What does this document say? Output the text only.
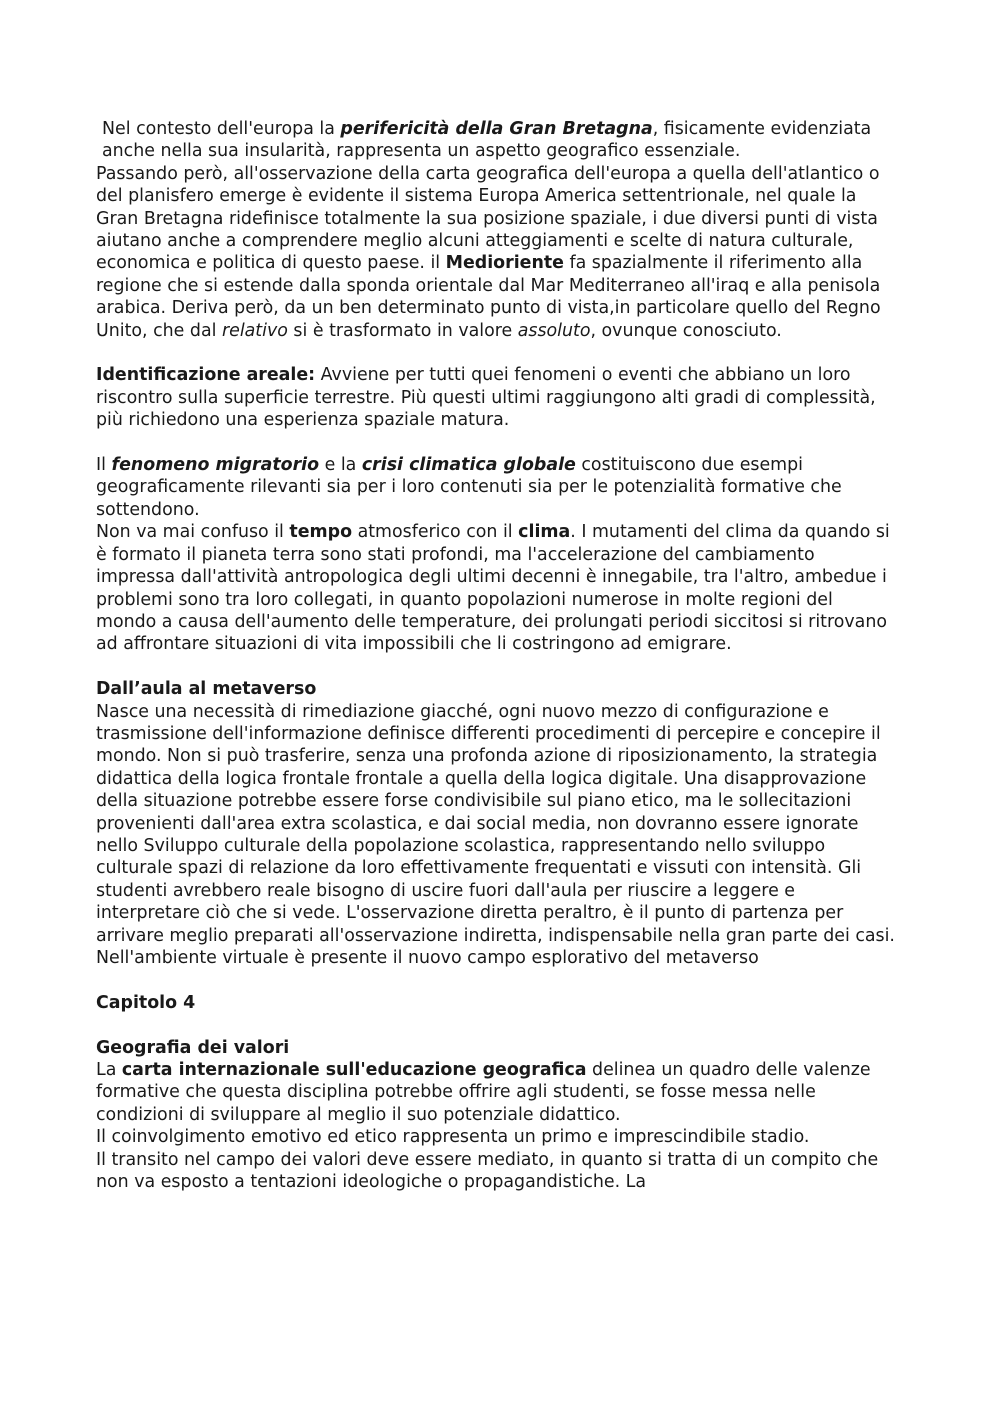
Nel contesto dell'europa la perifericità della Gran Bretagna, fisicamente evidenziata anche nella sua insularità, rappresenta un aspetto geografico essenziale.

Passando però, all'osservazione della carta geografica dell'europa a quella dell'atlantico o del planisfero emerge è evidente il sistema Europa America settentrionale, nel quale la Gran Bretagna ridefinisce totalmente la sua posizione spaziale, i due diversi punti di vista aiutano anche a comprendere meglio alcuni atteggiamenti e scelte di natura culturale, economica e politica di questo paese. il Medioriente fa spazialmente il riferimento alla regione che si estende dalla sponda orientale dal Mar Mediterraneo all'iraq e alla penisola arabica. Deriva però, da un ben determinato punto di vista,in particolare quello del Regno Unito, che dal relativo si è trasformato in valore assoluto, ovunque conosciuto.

Identificazione areale: Avviene per tutti quei fenomeni o eventi che abbiano un loro riscontro sulla superficie terrestre. Più questi ultimi raggiungono alti gradi di complessità, più richiedono una esperienza spaziale matura.

Il fenomeno migratorio e la crisi climatica globale costituiscono due esempi geograficamente rilevanti sia per i loro contenuti sia per le potenzialità formative che sottendono.

Non va mai confuso il tempo atmosferico con il clima. I mutamenti del clima da quando si è formato il pianeta terra sono stati profondi, ma l'accelerazione del cambiamento impressa dall'attività antropologica degli ultimi decenni è innegabile, tra l'altro, ambedue i problemi sono tra loro collegati, in quanto popolazioni numerose in molte regioni del mondo a causa dell'aumento delle temperature, dei prolungati periodi siccitosi si ritrovano ad affrontare situazioni di vita impossibili che li costringono ad emigrare.

Dall’aula al metaverso

Nasce una necessità di rimediazione giacché, ogni nuovo mezzo di configurazione e trasmissione dell'informazione definisce differenti procedimenti di percepire e concepire il mondo. Non si può trasferire, senza una profonda azione di riposizionamento, la strategia didattica della logica frontale frontale a quella della logica digitale. Una disapprovazione della situazione potrebbe essere forse condivisibile sul piano etico, ma le sollecitazioni provenienti dall'area extra scolastica, e dai social media, non dovranno essere ignorate nello Sviluppo culturale della popolazione scolastica, rappresentando nello sviluppo culturale spazi di relazione da loro effettivamente frequentati e vissuti con intensità. Gli studenti avrebbero reale bisogno di uscire fuori dall'aula per riuscire a leggere e interpretare ciò che si vede. L'osservazione diretta peraltro, è il punto di partenza per arrivare meglio preparati all'osservazione indiretta, indispensabile nella gran parte dei casi. Nell'ambiente virtuale è presente il nuovo campo esplorativo del metaverso

Capitolo 4

Geografia dei valori

La carta internazionale sull'educazione geografica delinea un quadro delle valenze formative che questa disciplina potrebbe offrire agli studenti, se fosse messa nelle condizioni di sviluppare al meglio il suo potenziale didattico.

Il coinvolgimento emotivo ed etico rappresenta un primo e imprescindibile stadio.

Il transito nel campo dei valori deve essere mediato, in quanto si tratta di un compito che non va esposto a tentazioni ideologiche o propagandistiche. La
